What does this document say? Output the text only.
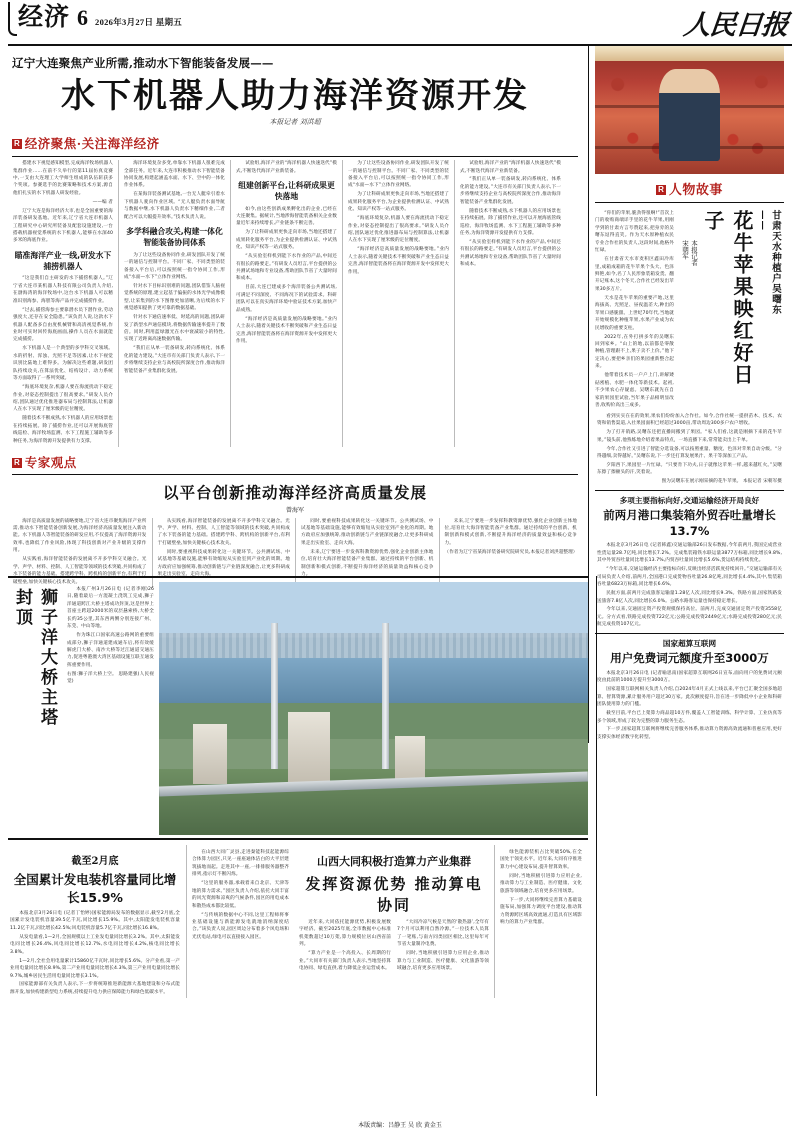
经济 6 2026年3月27日 星期五	人民日报
辽宁大连聚焦产业所需,推动水下智能装备发展——
水下机器人助力海洋资源开发
本报记者 刘洪超
R 经济聚焦·关注海洋经济

搭建水下视觉感知模型,完成海洋牧场机器人集群作业……在前不久举行的第11届仿真竞赛中,一支由大连理工大学师生组成的队伍斩获多个奖项。参赛选手的比赛策略和技术方案,源自他们扎实的水下机器人研发经验。

——编 者

辽宁大连是海洋经济大市,也是全国重要的海洋装备研发基地。近年来,辽宁省大连市机器人工程研究中心研究所装备及配套设施建设,一台搭载机器视觉系统的水下机器人,能够在水深40多米的海底作业。

瞄准海洋产业一线,研发水下捕捞机器人

“这是我们自主研发的水下捕捞机器人。”辽宁省大连市某机器人科技有限公司负责人介绍,在渤海湾的海洋牧场中,这台水下机器人可以精准识别海参、海胆等海产品并完成捕捞作业。

“过去,捕捞海参主要靠潜水员下潜作业,劳动强度大,还存在安全隐患。”该负责人说,这款水下机器人配备多自由度机械臂和高清视觉系统,作业时可实时回传海底画面,操作人员在水面就能完成捕捞。

水下机器人是一个典型的多学科交叉领域。水的折射、浑浊、光照不足等因素,让水下视觉识别比陆地上难得多。为解决这些难题,研发团队持续攻关,在算法优化、结构设计、动力系统等方面取得了一系列突破。

“海底环境复杂,机器人要在海流扰动下稳定作业,对姿态控制提出了很高要求。”研发人员介绍,团队通过优化推进器布局与控制算法,让机器人在水下实现了厘米级的定位精度。

随着技术不断成熟,水下机器人的应用场景也在持续拓展。除了捕捞作业,还可以开展海底管线巡检、海洋牧场监测、水下工程施工辅助等多种任务,为海洋资源开发提供有力支撑。

海洋环境复杂多变,单靠水下机器人很难完成全部任务。近年来,大连市积极推动水下智能装备协同发展,构建起涵盖水面、水下、空中的一体化作业体系。

在某海洋装备测试基地,一台无人艇牵引着水下机器人驶向作业区域。“无人艇负责水面导航与数据中继,水下机器人负责水下精细作业,二者配合可以大幅提升效率。”技术负责人说。

多学科融合攻关,构建一体化智能装备协同体系

为了让这些设备协同作业,研发团队开发了统一的通信与控制平台。不同厂家、不同类型的装备接入平台后,可以按照统一指令协同工作,形成“水面—水下”立体作业网络。

针对水下目标识别难的问题,团队借鉴人脑视觉系统的原理,建立起基于偏振的水体光学成像模型,让采集到的水下图像更加清晰,为后续的水下视觉感知提供了更可靠的数据基础。

针对水下通信速率低、时延高的问题,团队研发了新型水声通信模块,将数据传输速率提升了数倍。同时,利用蓝绿激光在水中衰减较小的特性,实现了近距离高速数据传输。

“我们正从单一装备研发,转向系统化、体系化的能力建设。”大连市有关部门负责人表示,下一步将继续支持企业与高校院所深度合作,推动海洋智能装备产业集群化发展。

试验组,海洋产业的“海洋机器人快速迭代”模式,不断迭代海洋产业新装备。

组建创新平台,让科研成果更快落地

如今,由这些创新成果孵化出的企业,已经在大连聚集。据统计,当地涉海智能装备相关企业数量近年来持续增长,产业链条不断完善。

为了让科研成果更快走向市场,当地还搭建了成果转化服务平台,为企业提供检测认证、中试熟化、知识产权等一站式服务。

“从实验室样机到能下水作业的产品,中间还有很长的路要走。”有研发人员坦言,平台提供的公共测试场地和专业设备,帮助团队节省了大量时间和成本。

目前,大连已建成多个海洋装备公共测试场,可满足不同深度、不同海况下的试验需求。科研团队可以在真实海洋环境中验证技术方案,加快产品成熟。

“海洋经济是高质量发展的战略要地。”业内人士表示,随着关键技术不断突破和产业生态日益完善,海洋智能装备将在海洋资源开发中发挥更大作用。

为了让这些设备协同作业,研发团队开发了统一的通信与控制平台。不同厂家、不同类型的装备接入平台后,可以按照统一指令协同工作,形成“水面—水下”立体作业网络。

为了让科研成果更快走向市场,当地还搭建了成果转化服务平台,为企业提供检测认证、中试熟化、知识产权等一站式服务。

“海底环境复杂,机器人要在海流扰动下稳定作业,对姿态控制提出了很高要求。”研发人员介绍,团队通过优化推进器布局与控制算法,让机器人在水下实现了厘米级的定位精度。

“海洋经济是高质量发展的战略要地。”业内人士表示,随着关键技术不断突破和产业生态日益完善,海洋智能装备将在海洋资源开发中发挥更大作用。

试验组,海洋产业的“海洋机器人快速迭代”模式,不断迭代海洋产业新装备。

“我们正从单一装备研发,转向系统化、体系化的能力建设。”大连市有关部门负责人表示,下一步将继续支持企业与高校院所深度合作,推动海洋智能装备产业集群化发展。

随着技术不断成熟,水下机器人的应用场景也在持续拓展。除了捕捞作业,还可以开展海底管线巡检、海洋牧场监测、水下工程施工辅助等多种任务,为海洋资源开发提供有力支撑。

“从实验室样机到能下水作业的产品,中间还有很长的路要走。”有研发人员坦言,平台提供的公共测试场地和专业设备,帮助团队节省了大量时间和成本。

R 专家观点
以平台创新推动海洋经济高质量发展
曾海军

海洋是高质量发展的战略要地,辽宁省大连市聚焦海洋产业所需,推动水下智能装备创新发展,为海洋经济高质量发展注入新动能。水下机器人等智能装备的研发应用,不仅提高了海洋资源开发效率,也降低了作业风险,体现了科技创新对产业升级的支撑作用。

从实践看,海洋智能装备的发展离不开多学科交叉融合。光学、声学、材料、控制、人工智能等领域的技术突破,共同构成了水下装备的能力基础。搭建跨学科、跨机构的创新平台,有利于打破壁垒,加快关键核心技术攻关。

从实践看,海洋智能装备的发展离不开多学科交叉融合。光学、声学、材料、控制、人工智能等领域的技术突破,共同构成了水下装备的能力基础。搭建跨学科、跨机构的创新平台,有利于打破壁垒,加快关键核心技术攻关。

同时,要重视科技成果转化这一关键环节。公共测试场、中试基地等基础设施,能够有效缩短从实验室到产业化的周期。地方政府应加强统筹,推动创新链与产业链深度融合,让更多科研成果走出实验室、走向大海。

同时,要重视科技成果转化这一关键环节。公共测试场、中试基地等基础设施,能够有效缩短从实验室到产业化的周期。地方政府应加强统筹,推动创新链与产业链深度融合,让更多科研成果走出实验室、走向大海。

未来,辽宁要进一步发挥科教资源优势,强化企业创新主体地位,培育壮大海洋智能装备产业集群。通过持续的平台创新、机制创新和模式创新,不断提升海洋经济的质量效益和核心竞争力。

未来,辽宁要进一步发挥科教资源优势,强化企业创新主体地位,培育壮大海洋智能装备产业集群。通过持续的平台创新、机制创新和模式创新,不断提升海洋经济的质量效益和核心竞争力。

（作者为辽宁省某海洋装备研究院研究员,本报记者刘洪超整理）

R 人物故事
甘肃天水种植户吴曙东——
花牛苹果映红好日子
本报记者 宋朝军

“你们的苹果,脆劲得很啊!”首次上门的收购商端详手里的花牛苹果,用刚学到的甘肃方言夸赞起来,把身旁的吴曙东逗得直笑。作为天水原种植农民专业合作社的负责人,这段时间,他格外忙碌。

在甘肃省天水市麦积区鑫田冷库里,成箱成箱的花牛苹果个头大、色泽鲜艳,如今,名了人民形象装箱发货。翻开记账本,这个冬天,合作社已经发出苹果30多万斤。

天水是花牛苹果的重要产地,这里海拔高、光照足、昼夜温差大,种出的苹果口感脆甜。上世纪70年代,当地就开始规模化种植苹果,水果产业成为农民增收的重要支柱。

2022年,在外打拼多年的吴曙东回到家乡。“山上的地,以前都是零散种植,管理跟不上,果子卖不上价。”他下定决心,要把乡亲们的果园重新整合起来。

他带着技术员一户户上门,讲解矮砧密植、水肥一体化等新技术。起初,不少果农心存疑虑。吴曙东就先在自家的果园里试验,当年果子品相明显改善,收购价高出三成多。

看到实实在在的效果,果农们纷纷加入合作社。如今,合作社统一提供苗木、技术、农资和销售渠道,入社果园面积已经超过3000亩,带动周边300多户农户增收。

为了打开销路,吴曙东还把直播间搬到了果园。“家人们看,这就是刚摘下来的花牛苹果。”镜头前,他熟练地介绍着果品特点，一场直播下来,常常能卖出上千单。

今年,合作社又引进了智能分选设备,可以按照重量、糖度、色泽对苹果自动分级。“分得越细,卖得越好。”吴曙东说,下一步还打算发展果汁、果干等深加工产品。

夕阳西下,果园里一片忙碌。“只要肯下功夫,日子就像这苹果一样,越来越红火。”吴曙东擦了擦额头的汗,笑着说。

图为吴曙东在展示刚采摘的花牛苹果。 本报记者 宋朝军摄

多项主要指标向好,交通运输经济开局良好
前两月港口集装箱外贸吞吐量增长13.7%

本报北京3月26日电 (记者韩鑫)交通运输部26日发布数据,今年前两月,我国完成营业性货运量28.7亿吨,同比增长7.2%。完成集装箱铁水联运量3877万标箱,同比增长9.8%,其中外贸吞吐量同比增长13.7%,内贸吞吐量同比增长5.6%,货运结构持续优化。

“今年以来,交通运输经济主要指标向好,反映出经济活跃度持续回升。”交通运输部有关司局负责人介绍,前两月,全国港口完成货物吞吐量26.8亿吨,同比增长4.4%,其中,集装箱吞吐量6823万标箱,同比增长6.6%。

民航方面,前两月完成旅客运输量1.28亿人次,同比增长9.3%。铁路方面,国家铁路发送旅客7.8亿人次,同比增长6.0%。公路水路客运量也保持稳定增长。

今年以来,交通固定资产投资规模保持高位。前两月,完成交通固定资产投资3558亿元。分方式看,铁路完成投资722亿元;公路完成投资2449亿元;水路完成投资280亿元;民航完成投资107亿元。

国家超算互联网
用户免费词元额度升至3000万

本报北京3月26日电 (记者喻思南)国家超算互联网26日宣布,面向用户的免费词元额度由此前的1000万提升至3000万。

国家超算互联网相关负责人介绍,自2024年4月正式上线以来,平台已汇聚全国多地超算、智算资源,累计服务用户超过30万家。此次额度提升,旨在进一步降低中小企业和科研团队使用算力的门槛。

截至目前,平台已上架算力商品超10万件,覆盖人工智能训练、科学计算、工业仿真等多个领域,形成了较为完整的算力服务生态。

下一步,国家超算互联网将继续完善服务体系,推动算力资源高效流通和普惠应用,更好支撑实体经济数字化转型。

狮子洋大桥主塔封顶	本报广州3月26日电 (记者李刚)26日,随着最后一方混凝土浇筑工完成,狮子洋通道跨江大桥主塔成功封顶,这是世界上首座主跨超2000米的双层悬索桥,大桥全长约35公里,其东西两侧分别连接广州、东莞、中山等地。

作为珠江口国家高速公路网的重要组成部分,狮子洋通道建成通车后,将有效缓解虎门大桥、南沙大桥等过江通道交通压力,促进粤港澳大湾区基础设施互联互通发挥重要作用。

右图:狮子洋大桥上空。 思路建强(人民视觉)

截至2月底
全国累计发电装机容量同比增长15.9%

本报北京3月26日电 (记者丁怡婷)国家能源局发布的数据显示,截至2月底,全国累计发电装机容量39.5亿千瓦,同比增长15.9%。其中,太阳能发电装机容量11.2亿千瓦,同比增长42.5%;风电装机容量5.7亿千瓦,同比增长16.8%。

从发电量看,1—2月,全国规模以上工业发电量同比增长3.2%。其中,太阳能发电同比增长26.4%,风电同比增长12.7%,水电同比增长4.2%,核电同比增长3.8%。

1—2月,全社会用电量累计15860亿千瓦时,同比增长5.6%。分产业看,第一产业用电量同比增长8.9%,第二产业用电量同比增长4.3%,第三产业用电量同比增长9.7%,城乡居民生活用电量同比增长3.1%。

国家能源部有关负责人表示,下一步将统筹推进新能源大基地建设和分布式能源开发,加快构建新型电力系统,持续提升电力供应保障能力和绿色低碳水平。

在山西大同广灵县,走进秦能科技起能源综合体算力园区,只见一座座通体洁白的大平层建筑拔地而起。走进其中一座,一排排服务器整齐排列,指示灯不断闪烁。

“这里的服务器,承载着来自北京、天津等地的算力需求。”园区负责人介绍,依托大同丰富的风光资源和凉爽的气候条件,园区的用电成本和散热成本都比较低。

“与传统的数据中心不同,这里工程师将事业基础设施与新能源发电就地消纳深度结合。”该负责人说,园区周边分布着多个风电场和光伏电站,绿电可以直接接入园区。

山西大同积极打造算力产业集群
发挥资源优势 推动算电协同

近年来,大同依托能源优势,积极发展数字经济。截至2025年底,全市数据中心标准机架数超过10万架,算力规模位居山西省前列。

“算力产业是一个高投入、长周期的行业。”大同市有关部门负责人表示,当地坚持算电协同、绿电直供,着力降低企业运营成本。

“大同冷凉气候是天然的‘散热器’,全年有7个月可以利用自然冷源。”一位技术人员算了一笔账,与南方同类园区相比,这里每年可节省大量制冷电费。

同时,当地积极引进算力应用企业,推动算力与工业制造、医疗健康、文化旅游等领域融合,培育更多应用场景。

绿色能源装机占比突破50%,在全国处于领先水平。近年来,大同有序推进算力中心建设布局,提升智算效率。

同时,当地积极引进算力应用企业,推动算力与工业制造、医疗健康、文化旅游等领域融合,培育更多应用场景。

下一步,大同将继续完善算力基础设施布局,加强算力调度平台建设,推动算力资源跨区域高效流通,打造具有区域影响力的算力产业集群。

本版责编：吕静王 吴 欣 黄金玉
